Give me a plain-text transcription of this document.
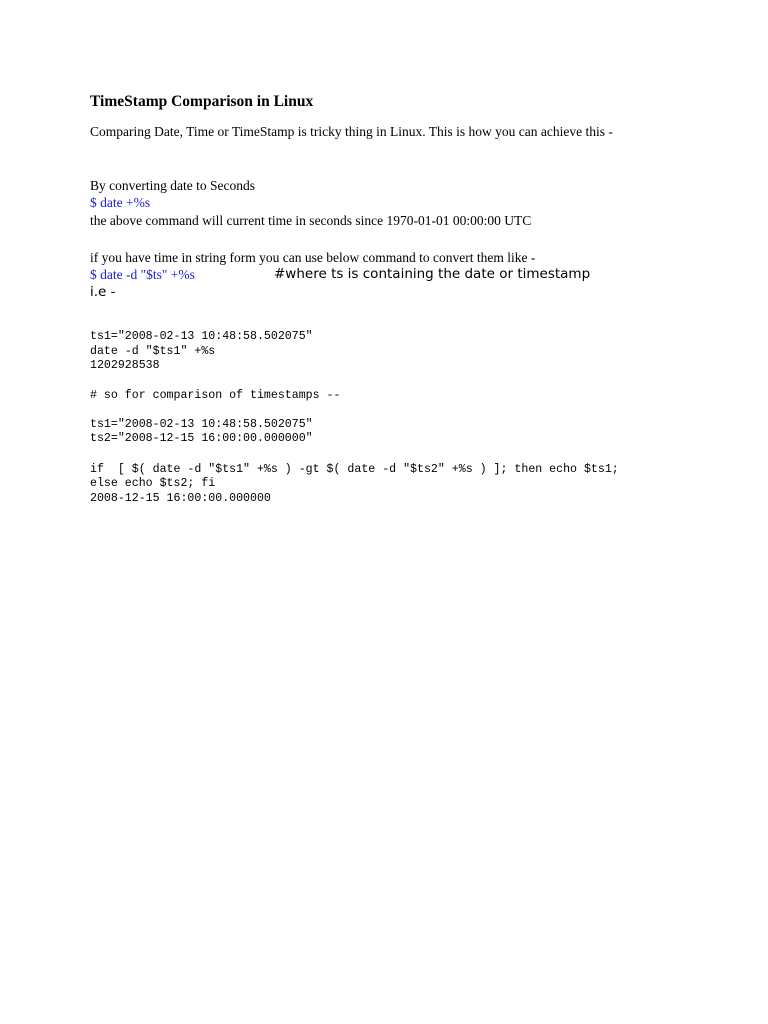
TimeStamp Comparison in Linux
Comparing Date, Time or TimeStamp is tricky thing in Linux. This is how you can achieve this -
By converting date to Seconds
$ date +%s
the above command will current time in seconds since 1970-01-01 00:00:00 UTC
if you have time in string form you can use below command to convert them like -
$ date -d "$ts" +%s	#where ts is containing the date or timestamp
i.e -
ts1="2008-02-13 10:48:58.502075"
date -d "$ts1" +%s
1202928538
# so for comparison of timestamps --
ts1="2008-02-13 10:48:58.502075"
ts2="2008-12-15 16:00:00.000000"
if  [ $( date -d "$ts1" +%s ) -gt $( date -d "$ts2" +%s ) ]; then echo $ts1;
else echo $ts2; fi
2008-12-15 16:00:00.000000
